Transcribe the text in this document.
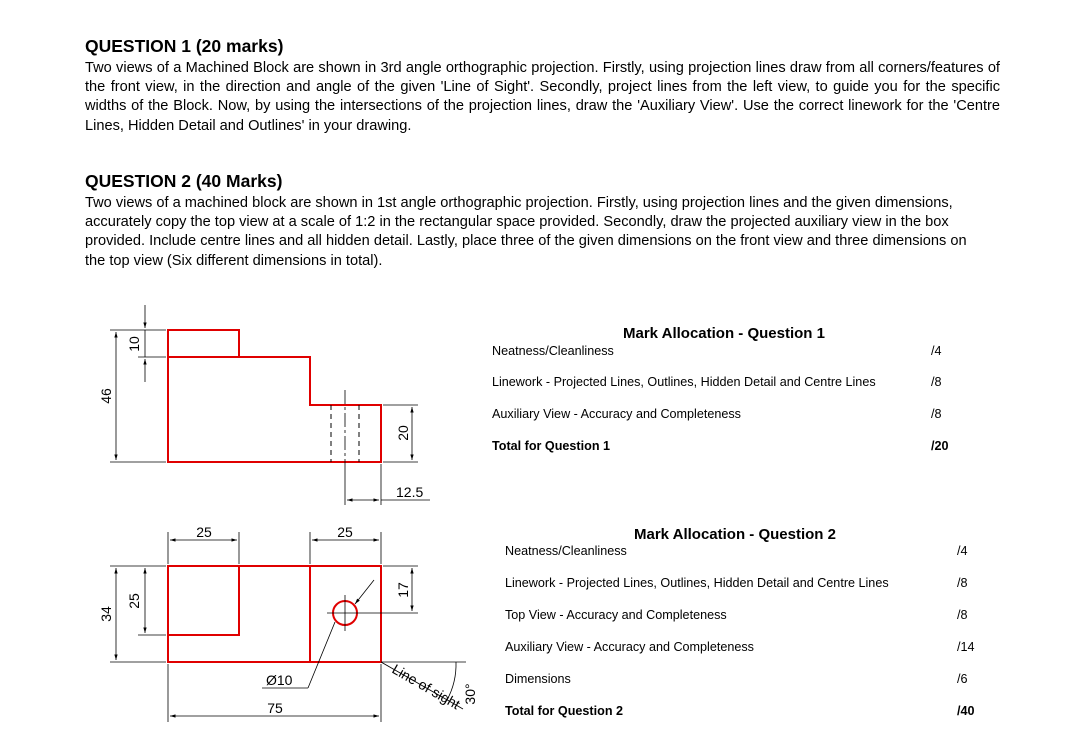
QUESTION 1 (20 marks)

Two views of a Machined Block are shown in 3rd angle orthographic projection. Firstly, using projection lines draw from all corners/features of the front view, in the direction and angle of the given 'Line of Sight'. Secondly, project lines from the left view, to guide you for the specific widths of the Block. Now, by using the intersections of the projection lines, draw the 'Auxiliary View'. Use the correct linework for the 'Centre Lines, Hidden Detail and Outlines' in your drawing.

QUESTION 2 (40 Marks)

Two views of a machined block are shown in 1st angle orthographic projection. Firstly, using projection lines and the given dimensions, accurately copy the top view at a scale of 1:2 in the rectangular space provided. Secondly, draw the projected auxiliary view in the box provided. Include centre lines and all hidden detail. Lastly, place three of the given dimensions on the front view and three dimensions on the top view (Six different dimensions in total).

46
10
20
12.5
25	25
34
25
17
Ø10
75	Line of sight 30°
Mark Allocation - Question 1
Neatness/Cleanliness	/4
Linework - Projected Lines, Outlines, Hidden Detail and Centre Lines	/8
Auxiliary View - Accuracy and Completeness	/8
Total for Question 1	/20
Mark Allocation - Question 2
Neatness/Cleanliness	/4
Linework - Projected Lines, Outlines, Hidden Detail and Centre Lines	/8
Top View - Accuracy and Completeness	/8
Auxiliary View - Accuracy and Completeness	/14
Dimensions	/6
Total for Question 2	/40
